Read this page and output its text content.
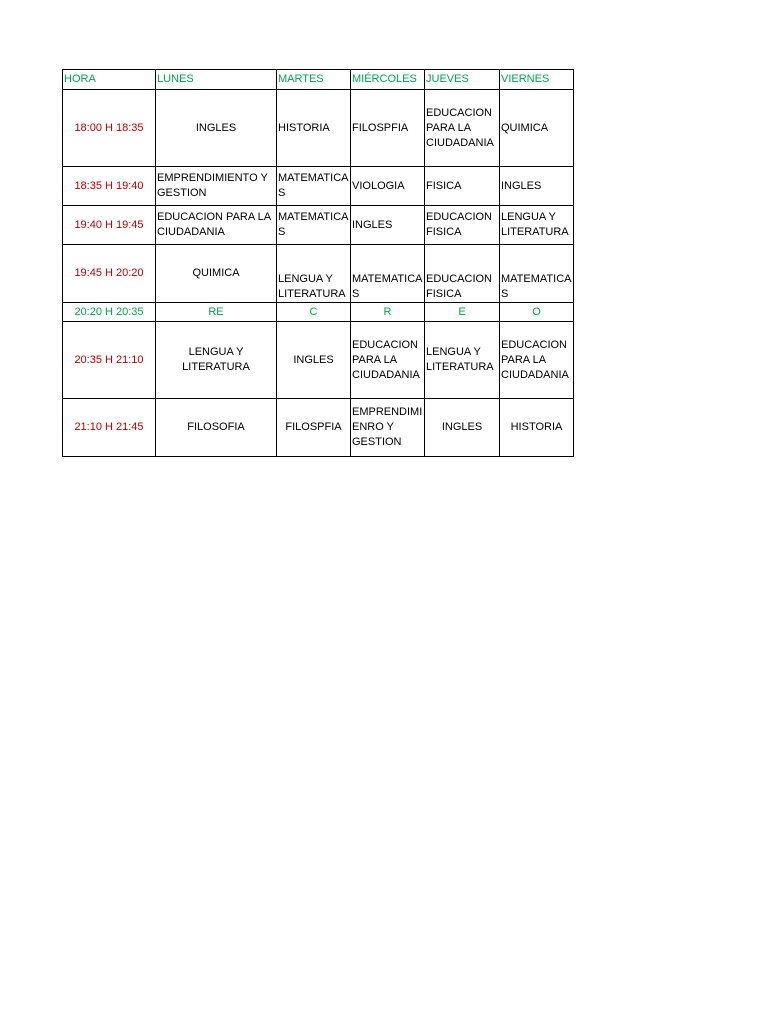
HORA	LUNES	MARTES	MIÉRCOLES	JUEVES	VIERNES
18:00 H 18:35	INGLES	HISTORIA	FILOSPFIA	EDUCACION PARA LA CIUDADANIA	QUIMICA
18:35 H 19:40	EMPRENDIMIENTO Y GESTION	MATEMATICAS	VIOLOGIA	FISICA	INGLES
19:40 H 19:45	EDUCACION PARA LA CIUDADANIA	MATEMATICAS	INGLES	EDUCACION FISICA	LENGUA Y LITERATURA
19:45 H 20:20	QUIMICA	LENGUA Y LITERATURA	MATEMATICAS	EDUCACION FISICA	MATEMATICAS
20:20 H 20:35	RE	C	R	E	O
20:35 H 21:10	LENGUA Y LITERATURA	INGLES	EDUCACION PARA LA CIUDADANIA	LENGUA Y LITERATURA	EDUCACION PARA LA CIUDADANIA
21:10 H 21:45	FILOSOFIA	FILOSPFIA	EMPRENDIMIENRO Y GESTION	INGLES	HISTORIA
